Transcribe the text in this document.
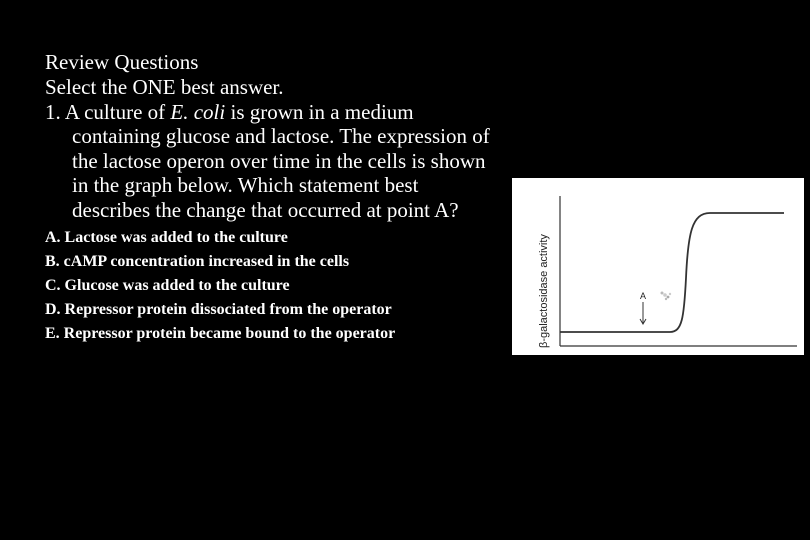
Review Questions

Select the ONE best answer.

1. A culture of E. coli is grown in a medium containing glucose and lactose. The expression of the lactose operon over time in the cells is shown in the graph below. Which statement best describes the change that occurred at point A?

A. Lactose was added to the culture

B. cAMP concentration increased in the cells

C. Glucose was added to the culture

D. Repressor protein dissociated from the operator

E. Repressor protein became bound to the operator	β-galactosidase activity	A
